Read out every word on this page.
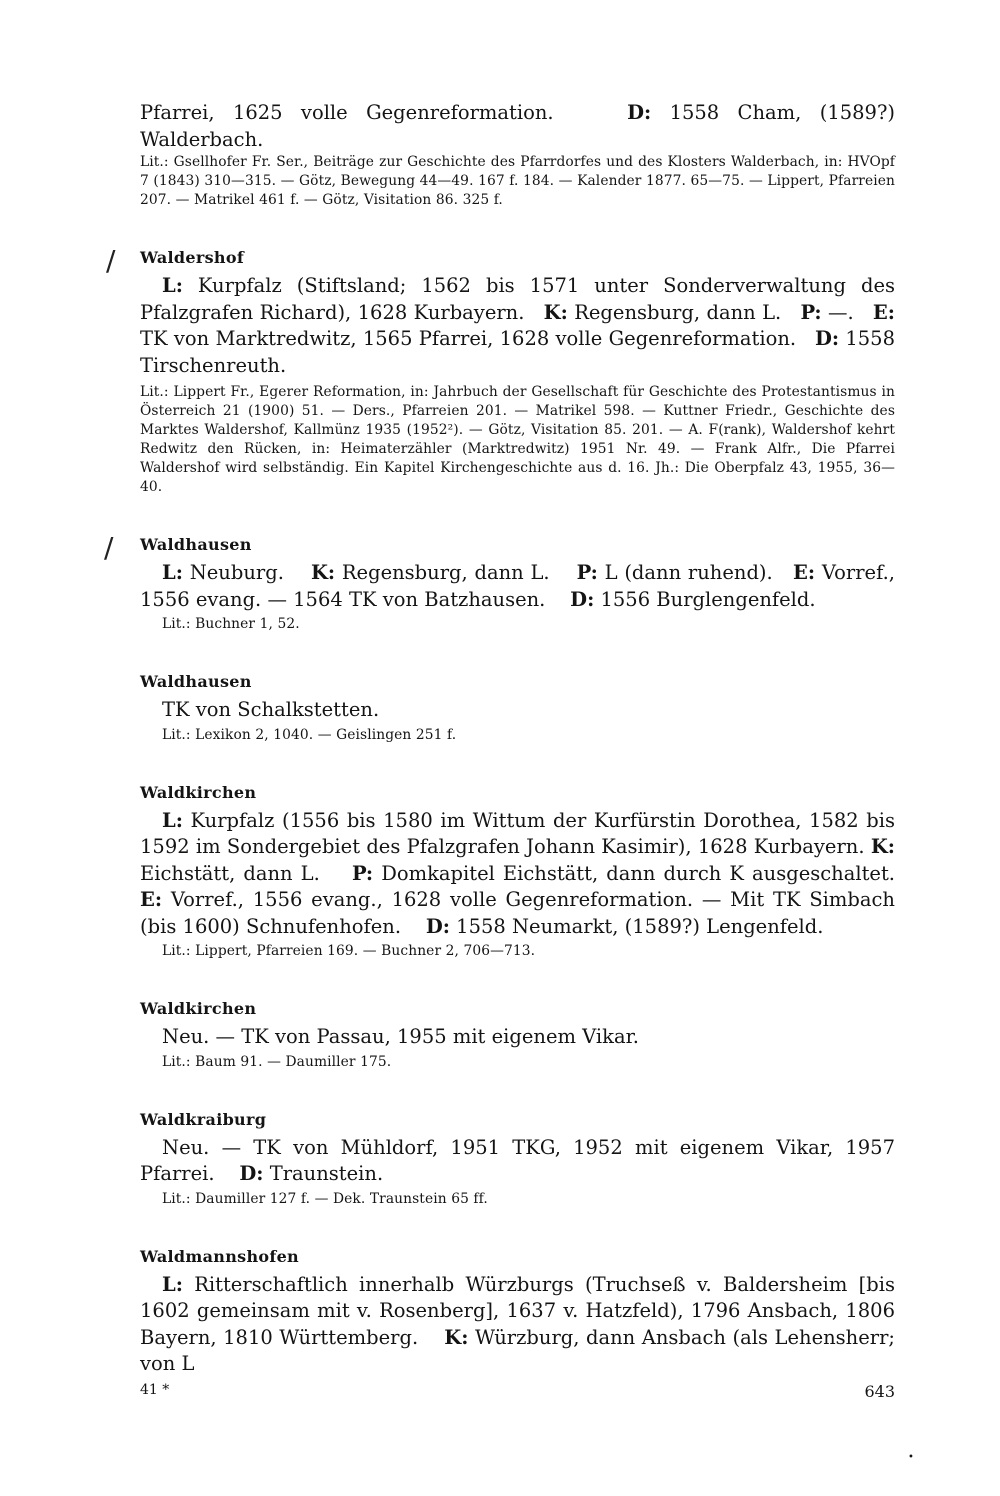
Pfarrei, 1625 volle Gegenreformation.	D: 1558 Cham, (1589?) Walderbach.

Lit.: Gsellhofer Fr. Ser., Beiträge zur Geschichte des Pfarrdorfes und des Klosters Walderbach, in: HVOpf 7 (1843) 310—315. — Götz, Bewegung 44—49. 167 f. 184. — Kalender 1877. 65—75. — Lippert, Pfarreien 207. — Matrikel 461 f. — Götz, Visitation 86. 325 f.

/ Waldershof

L: Kurpfalz (Stiftsland; 1562 bis 1571 unter Sonderverwaltung des Pfalzgrafen Richard), 1628 Kurbayern. K: Regensburg, dann L. P: —. E: TK von Marktredwitz, 1565 Pfarrei, 1628 volle Gegenreformation. D: 1558 Tirschenreuth.

Lit.: Lippert Fr., Egerer Reformation, in: Jahrbuch der Gesellschaft für Geschichte des Protestantismus in Österreich 21 (1900) 51. — Ders., Pfarreien 201. — Matrikel 598. — Kuttner Friedr., Geschichte des Marktes Waldershof, Kallmünz 1935 (1952²). — Götz, Visitation 85. 201. — A. F(rank), Waldershof kehrt Redwitz den Rücken, in: Heimaterzähler (Marktredwitz) 1951 Nr. 49. — Frank Alfr., Die Pfarrei Waldershof wird selbständig. Ein Kapitel Kirchengeschichte aus d. 16. Jh.: Die Oberpfalz 43, 1955, 36—40.

/ Waldhausen

L: Neuburg. K: Regensburg, dann L. P: L (dann ruhend). E: Vorref., 1556 evang. — 1564 TK von Batzhausen. D: 1556 Burglengenfeld.

Lit.: Buchner 1, 52.

Waldhausen

TK von Schalkstetten.

Lit.: Lexikon 2, 1040. — Geislingen 251 f.

Waldkirchen

L: Kurpfalz (1556 bis 1580 im Wittum der Kurfürstin Dorothea, 1582 bis 1592 im Sondergebiet des Pfalzgrafen Johann Kasimir), 1628 Kurbayern. K: Eichstätt, dann L. P: Domkapitel Eichstätt, dann durch K ausgeschaltet. E: Vorref., 1556 evang., 1628 volle Gegenreformation. — Mit TK Simbach (bis 1600) Schnufenhofen. D: 1558 Neumarkt, (1589?) Lengenfeld.

Lit.: Lippert, Pfarreien 169. — Buchner 2, 706—713.

Waldkirchen

Neu. — TK von Passau, 1955 mit eigenem Vikar.

Lit.: Baum 91. — Daumiller 175.

Waldkraiburg

Neu. — TK von Mühldorf, 1951 TKG, 1952 mit eigenem Vikar, 1957 Pfarrei. D: Traunstein.

Lit.: Daumiller 127 f. — Dek. Traunstein 65 ff.

Waldmannshofen

L: Ritterschaftlich innerhalb Würzburgs (Truchseß v. Baldersheim [bis 1602 gemeinsam mit v. Rosenberg], 1637 v. Hatzfeld), 1796 Ansbach, 1806 Bayern, 1810 Württemberg. K: Würzburg, dann Ansbach (als Lehensherr; von L

41 *	643
•
